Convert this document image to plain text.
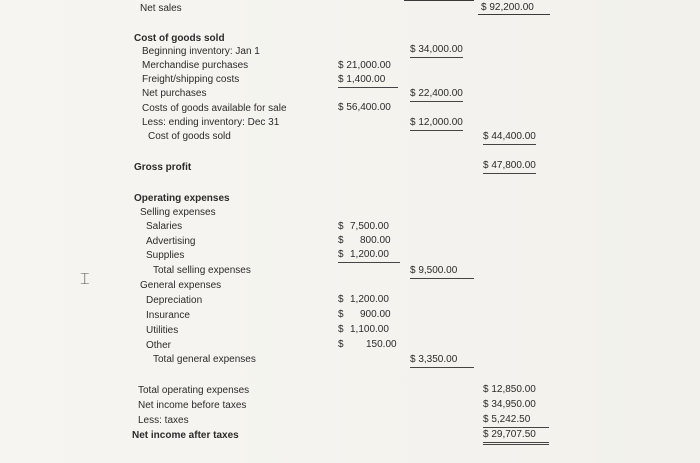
Net sales	$ 92,200.00
Cost of goods sold
Beginning inventory: Jan 1	$ 34,000.00
Merchandise purchases	$ 21,000.00
Freight/shipping costs	$ 1,400.00
Net purchases	$ 22,400.00
Costs of goods available for sale	$ 56,400.00
Less: ending inventory: Dec 31	$ 12,000.00
Cost of goods sold	$ 44,400.00
Gross profit	$ 47,800.00
Operating expenses
Selling expenses
Salaries	$ 7,500.00
Advertising	$ 800.00
Supplies	$ 1,200.00
Total selling expenses	$ 9,500.00
General expenses
Depreciation	$ 1,200.00
Insurance	$ 900.00
Utilities	$ 1,100.00
Other	$ 150.00
Total general expenses	$ 3,350.00
Total operating expenses	$ 12,850.00
Net income before taxes	$ 34,950.00
Less: taxes	$ 5,242.50
Net income after taxes	$ 29,707.50
⌶
